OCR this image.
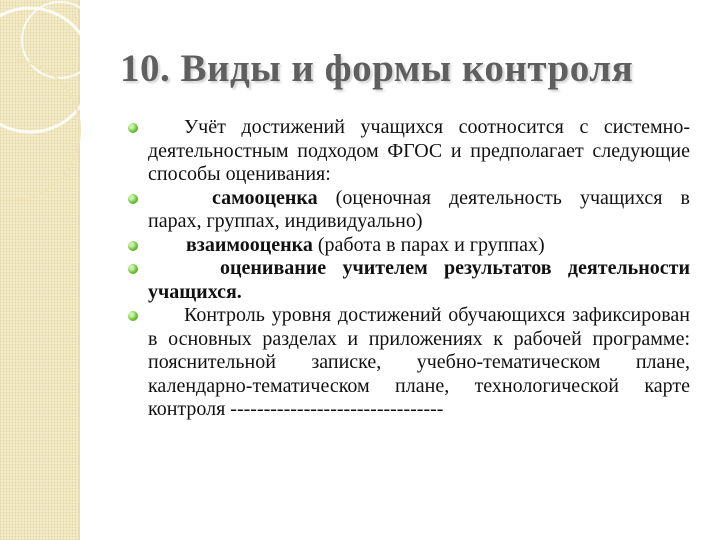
10. Виды и формы контроля

Учёт достижений учащихся соотносится с системно-деятельностным подходом ФГОС и предполагает следующие способы оценивания:

самооценка (оценочная деятельность учащихся в парах, группах, индивидуально)

взаимооценка (работа в парах и группах)

оценивание учителем результатов деятельности учащихся.

Контроль уровня достижений обучающихся зафиксирован в основных разделах и приложениях к рабочей программе: пояснительной записке, учебно-тематическом плане, календарно-тематическом плане, технологической карте контроля --------------------------------
